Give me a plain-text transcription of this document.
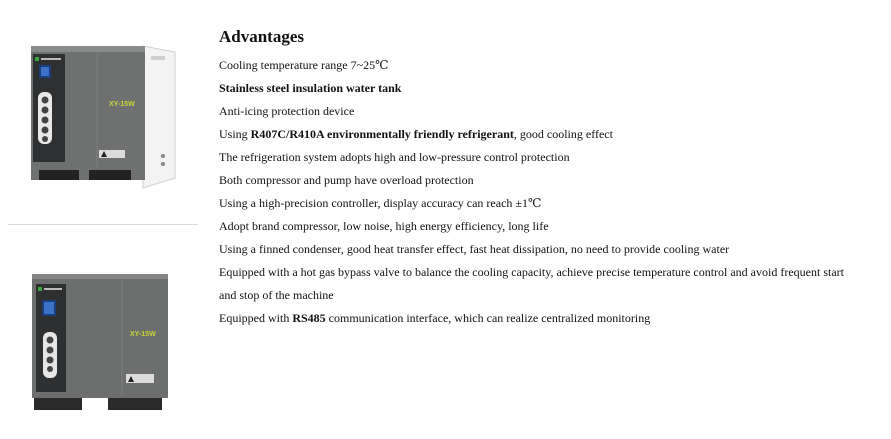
XY-15W
XY-15W
Advantages
Cooling temperature range 7~25℃
Stainless steel insulation water tank
Anti-icing protection device
Using R407C/R410A environmentally friendly refrigerant, good cooling effect
The refrigeration system adopts high and low-pressure control protection
Both compressor and pump have overload protection
Using a high-precision controller, display accuracy can reach ±1℃
Adopt brand compressor, low noise, high energy efficiency, long life
Using a finned condenser, good heat transfer effect, fast heat dissipation, no need to provide cooling water
Equipped with a hot gas bypass valve to balance the cooling capacity, achieve precise temperature control and avoid frequent start and stop of the machine
Equipped with RS485 communication interface, which can realize centralized monitoring
